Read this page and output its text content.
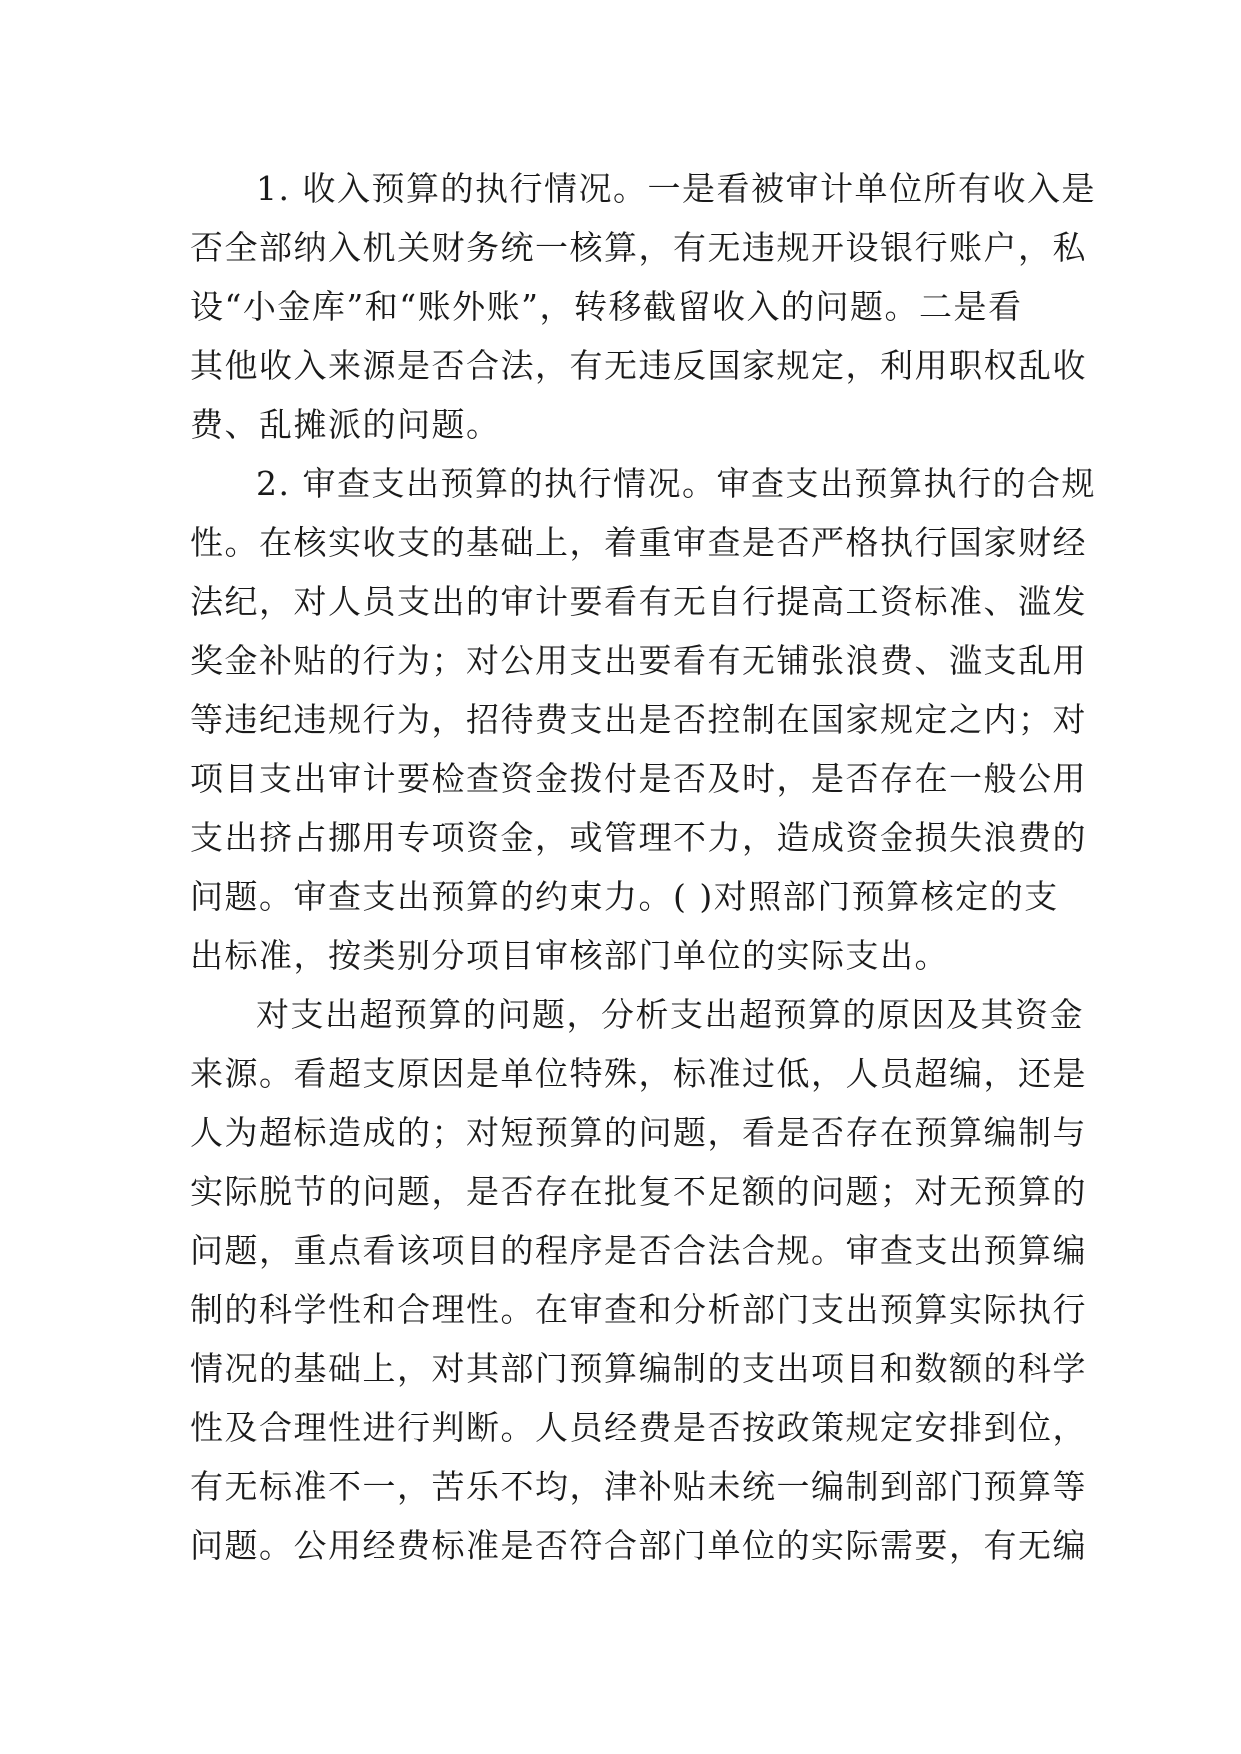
1. 收入预算的执行情况。一是看被审计单位所有收入是
否全部纳入机关财务统一核算，有无违规开设银行账户，私
设“小金库”和“账外账”，转移截留收入的问题。二是看
其他收入来源是否合法，有无违反国家规定，利用职权乱收
费、乱摊派的问题。

2. 审查支出预算的执行情况。审查支出预算执行的合规
性。在核实收支的基础上，着重审查是否严格执行国家财经
法纪，对人员支出的审计要看有无自行提高工资标准、滥发
奖金补贴的行为；对公用支出要看有无铺张浪费、滥支乱用
等违纪违规行为，招待费支出是否控制在国家规定之内；对
项目支出审计要检查资金拨付是否及时，是否存在一般公用
支出挤占挪用专项资金，或管理不力，造成资金损失浪费的
问题。审查支出预算的约束力。( )对照部门预算核定的支
出标准，按类别分项目审核部门单位的实际支出。

对支出超预算的问题，分析支出超预算的原因及其资金
来源。看超支原因是单位特殊，标准过低，人员超编，还是
人为超标造成的；对短预算的问题，看是否存在预算编制与
实际脱节的问题，是否存在批复不足额的问题；对无预算的
问题，重点看该项目的程序是否合法合规。审查支出预算编
制的科学性和合理性。在审查和分析部门支出预算实际执行
情况的基础上，对其部门预算编制的支出项目和数额的科学
性及合理性进行判断。人员经费是否按政策规定安排到位，
有无标准不一，苦乐不均，津补贴未统一编制到部门预算等
问题。公用经费标准是否符合部门单位的实际需要，有无编
